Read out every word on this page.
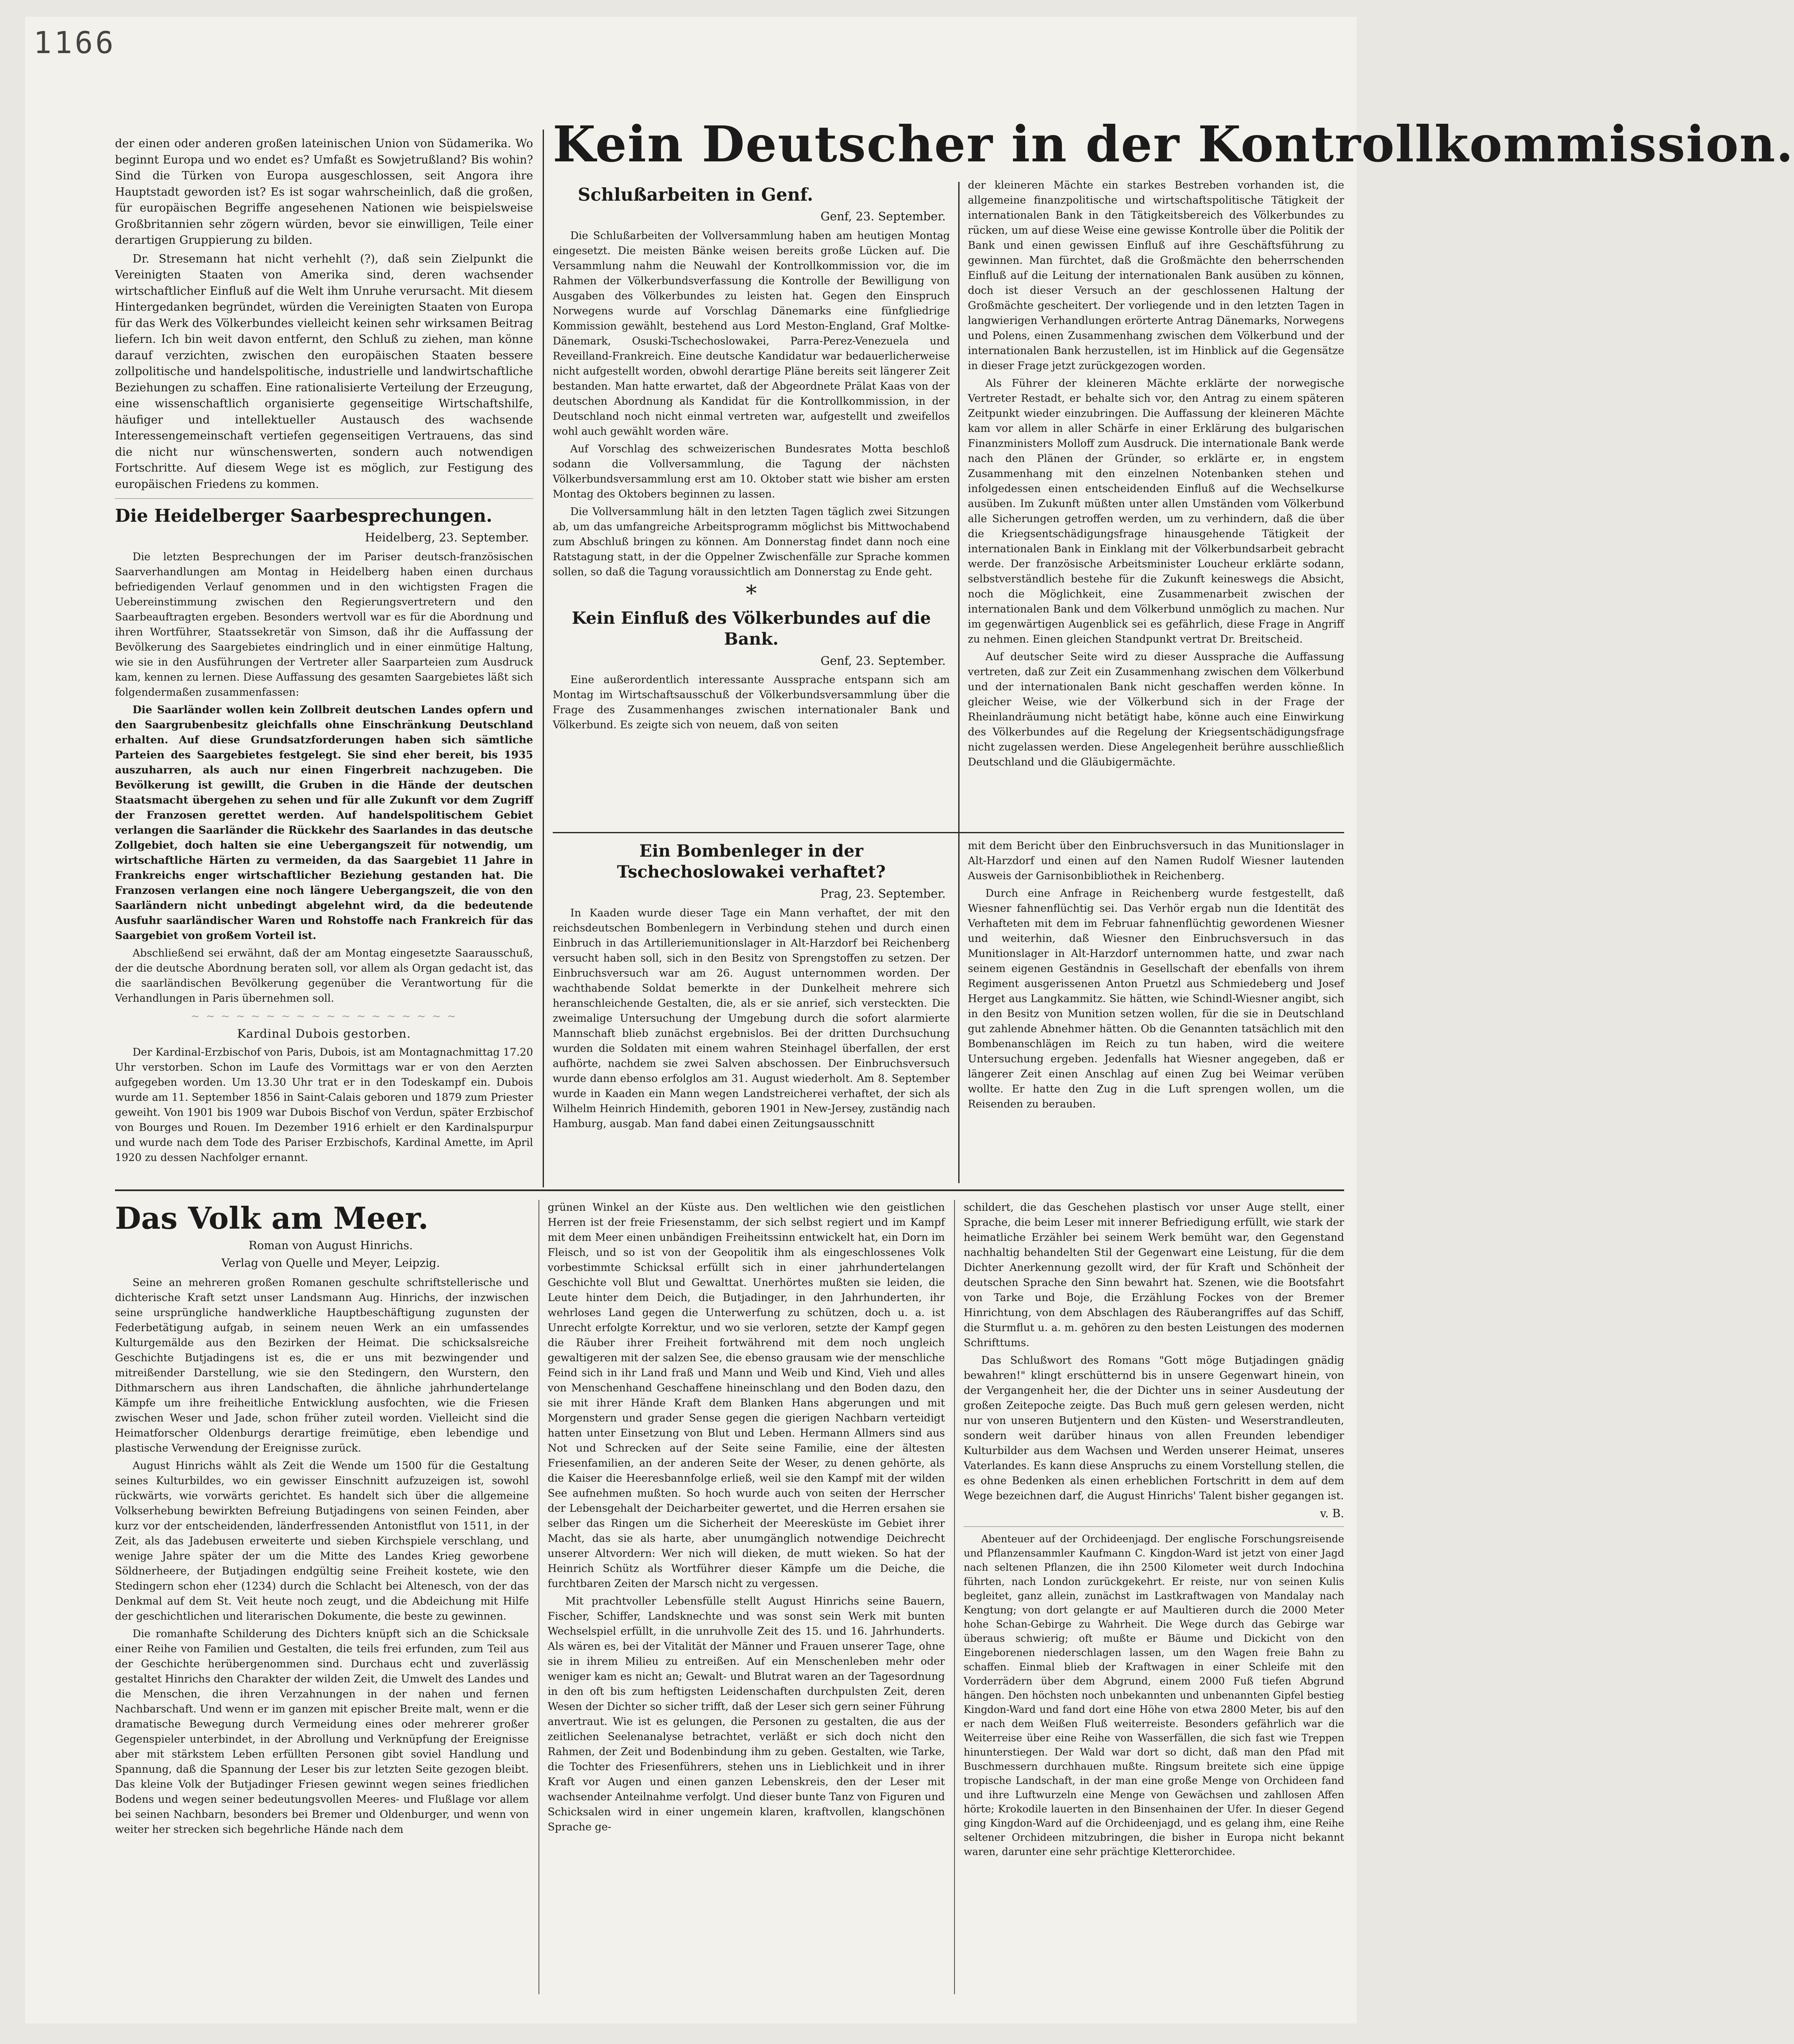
1166

der einen oder anderen großen lateinischen Union von Südamerika. Wo beginnt Europa und wo endet es? Umfaßt es Sowjetrußland? Bis wohin? Sind die Türken von Europa ausgeschlossen, seit Angora ihre Hauptstadt geworden ist? Es ist sogar wahrscheinlich, daß die großen, für europäischen Begriffe angesehenen Nationen wie beispielsweise Großbritannien sehr zögern würden, bevor sie einwilligen, Teile einer derartigen Gruppierung zu bilden.

Dr. Stresemann hat nicht verhehlt (?), daß sein Zielpunkt die Vereinigten Staaten von Amerika sind, deren wachsender wirtschaftlicher Einfluß auf die Welt ihm Unruhe verursacht. Mit diesem Hintergedanken begründet, würden die Vereinigten Staaten von Europa für das Werk des Völkerbundes vielleicht keinen sehr wirksamen Beitrag liefern. Ich bin weit davon entfernt, den Schluß zu ziehen, man könne darauf verzichten, zwischen den europäischen Staaten bessere zollpolitische und handelspolitische, industrielle und landwirtschaftliche Beziehungen zu schaffen. Eine rationalisierte Verteilung der Erzeugung, eine wissenschaftlich organisierte gegenseitige Wirtschaftshilfe, häufiger und intellektueller Austausch des wachsende Interessengemeinschaft vertiefen gegenseitigen Vertrauens, das sind die nicht nur wünschenswerten, sondern auch notwendigen Fortschritte. Auf diesem Wege ist es möglich, zur Festigung des europäischen Friedens zu kommen.

Die Heidelberger Saarbesprechungen.
Heidelberg, 23. September.

Die letzten Besprechungen der im Pariser deutsch-französischen Saarverhandlungen am Montag in Heidelberg haben einen durchaus befriedigenden Verlauf genommen und in den wichtigsten Fragen die Uebereinstimmung zwischen den Regierungsvertretern und den Saarbeauftragten ergeben. Besonders wertvoll war es für die Abordnung und ihren Wortführer, Staatssekretär von Simson, daß ihr die Auffassung der Bevölkerung des Saargebietes eindringlich und in einer einmütige Haltung, wie sie in den Ausführungen der Vertreter aller Saarparteien zum Ausdruck kam, kennen zu lernen. Diese Auffassung des gesamten Saargebietes läßt sich folgendermaßen zusammenfassen:

Die Saarländer wollen kein Zollbreit deutschen Landes opfern und den Saargrubenbesitz gleichfalls ohne Einschränkung Deutschland erhalten. Auf diese Grundsatzforderungen haben sich sämtliche Parteien des Saargebietes festgelegt. Sie sind eher bereit, bis 1935 auszuharren, als auch nur einen Fingerbreit nachzugeben. Die Bevölkerung ist gewillt, die Gruben in die Hände der deutschen Staatsmacht übergehen zu sehen und für alle Zukunft vor dem Zugriff der Franzosen gerettet werden. Auf handelspolitischem Gebiet verlangen die Saarländer die Rückkehr des Saarlandes in das deutsche Zollgebiet, doch halten sie eine Uebergangszeit für notwendig, um wirtschaftliche Härten zu vermeiden, da das Saargebiet 11 Jahre in Frankreichs enger wirtschaftlicher Beziehung gestanden hat. Die Franzosen verlangen eine noch längere Uebergangszeit, die von den Saarländern nicht unbedingt abgelehnt wird, da die bedeutende Ausfuhr saarländischer Waren und Rohstoffe nach Frankreich für das Saargebiet von großem Vorteil ist.

Abschließend sei erwähnt, daß der am Montag eingesetzte Saarausschuß, der die deutsche Abordnung beraten soll, vor allem als Organ gedacht ist, das die saarländischen Bevölkerung gegenüber die Verantwortung für die Verhandlungen in Paris übernehmen soll.

~ ~ ~ ~ ~ ~ ~ ~ ~ ~ ~ ~ ~ ~ ~ ~ ~ ~
Kardinal Dubois gestorben.

Der Kardinal-Erzbischof von Paris, Dubois, ist am Montagnachmittag 17.20 Uhr verstorben. Schon im Laufe des Vormittags war er von den Aerzten aufgegeben worden. Um 13.30 Uhr trat er in den Todeskampf ein. Dubois wurde am 11. September 1856 in Saint-Calais geboren und 1879 zum Priester geweiht. Von 1901 bis 1909 war Dubois Bischof von Verdun, später Erzbischof von Bourges und Rouen. Im Dezember 1916 erhielt er den Kardinalspurpur und wurde nach dem Tode des Pariser Erzbischofs, Kardinal Amette, im April 1920 zu dessen Nachfolger ernannt.

Kein Deutscher in der Kontrollkommission.
Schlußarbeiten in Genf.
Genf, 23. September.

Die Schlußarbeiten der Vollversammlung haben am heutigen Montag eingesetzt. Die meisten Bänke weisen bereits große Lücken auf. Die Versammlung nahm die Neuwahl der Kontrollkommission vor, die im Rahmen der Völkerbundsverfassung die Kontrolle der Bewilligung von Ausgaben des Völkerbundes zu leisten hat. Gegen den Einspruch Norwegens wurde auf Vorschlag Dänemarks eine fünfgliedrige Kommission gewählt, bestehend aus Lord Meston-England, Graf Moltke-Dänemark, Osuski-Tschechoslowakei, Parra-Perez-Venezuela und Reveilland-Frankreich. Eine deutsche Kandidatur war bedauerlicherweise nicht aufgestellt worden, obwohl derartige Pläne bereits seit längerer Zeit bestanden. Man hatte erwartet, daß der Abgeordnete Prälat Kaas von der deutschen Abordnung als Kandidat für die Kontrollkommission, in der Deutschland noch nicht einmal vertreten war, aufgestellt und zweifellos wohl auch gewählt worden wäre.

Auf Vorschlag des schweizerischen Bundesrates Motta beschloß sodann die Vollversammlung, die Tagung der nächsten Völkerbundsversammlung erst am 10. Oktober statt wie bisher am ersten Montag des Oktobers beginnen zu lassen.

Die Vollversammlung hält in den letzten Tagen täglich zwei Sitzungen ab, um das umfangreiche Arbeitsprogramm möglichst bis Mittwochabend zum Abschluß bringen zu können. Am Donnerstag findet dann noch eine Ratstagung statt, in der die Oppelner Zwischenfälle zur Sprache kommen sollen, so daß die Tagung voraussichtlich am Donnerstag zu Ende geht.

*
Kein Einfluß des Völkerbundes auf die Bank.
Genf, 23. September.

Eine außerordentlich interessante Aussprache entspann sich am Montag im Wirtschaftsausschuß der Völkerbundsversammlung über die Frage des Zusammenhanges zwischen internationaler Bank und Völkerbund. Es zeigte sich von neuem, daß von seiten

der kleineren Mächte ein starkes Bestreben vorhanden ist, die allgemeine finanzpolitische und wirtschaftspolitische Tätigkeit der internationalen Bank in den Tätigkeitsbereich des Völkerbundes zu rücken, um auf diese Weise eine gewisse Kontrolle über die Politik der Bank und einen gewissen Einfluß auf ihre Geschäftsführung zu gewinnen. Man fürchtet, daß die Großmächte den beherrschenden Einfluß auf die Leitung der internationalen Bank ausüben zu können, doch ist dieser Versuch an der geschlossenen Haltung der Großmächte gescheitert. Der vorliegende und in den letzten Tagen in langwierigen Verhandlungen erörterte Antrag Dänemarks, Norwegens und Polens, einen Zusammenhang zwischen dem Völkerbund und der internationalen Bank herzustellen, ist im Hinblick auf die Gegensätze in dieser Frage jetzt zurückgezogen worden.

Als Führer der kleineren Mächte erklärte der norwegische Vertreter Restadt, er behalte sich vor, den Antrag zu einem späteren Zeitpunkt wieder einzubringen. Die Auffassung der kleineren Mächte kam vor allem in aller Schärfe in einer Erklärung des bulgarischen Finanzministers Molloff zum Ausdruck. Die internationale Bank werde nach den Plänen der Gründer, so erklärte er, in engstem Zusammenhang mit den einzelnen Notenbanken stehen und infolgedessen einen entscheidenden Einfluß auf die Wechselkurse ausüben. Im Zukunft müßten unter allen Umständen vom Völkerbund alle Sicherungen getroffen werden, um zu verhindern, daß die über die Kriegsentschädigungsfrage hinausgehende Tätigkeit der internationalen Bank in Einklang mit der Völkerbundsarbeit gebracht werde. Der französische Arbeitsminister Loucheur erklärte sodann, selbstverständlich bestehe für die Zukunft keineswegs die Absicht, noch die Möglichkeit, eine Zusammenarbeit zwischen der internationalen Bank und dem Völkerbund unmöglich zu machen. Nur im gegenwärtigen Augenblick sei es gefährlich, diese Frage in Angriff zu nehmen. Einen gleichen Standpunkt vertrat Dr. Breitscheid.

Auf deutscher Seite wird zu dieser Aussprache die Auffassung vertreten, daß zur Zeit ein Zusammenhang zwischen dem Völkerbund und der internationalen Bank nicht geschaffen werden könne. In gleicher Weise, wie der Völkerbund sich in der Frage der Rheinlandräumung nicht betätigt habe, könne auch eine Einwirkung des Völkerbundes auf die Regelung der Kriegsentschädigungsfrage nicht zugelassen werden. Diese Angelegenheit berühre ausschließlich Deutschland und die Gläubigermächte.

Ein Bombenleger in der Tschechoslowakei verhaftet?
Prag, 23. September.

In Kaaden wurde dieser Tage ein Mann verhaftet, der mit den reichsdeutschen Bombenlegern in Verbindung stehen und durch einen Einbruch in das Artilleriemunitionslager in Alt-Harzdorf bei Reichenberg versucht haben soll, sich in den Besitz von Sprengstoffen zu setzen. Der Einbruchsversuch war am 26. August unternommen worden. Der wachthabende Soldat bemerkte in der Dunkelheit mehrere sich heranschleichende Gestalten, die, als er sie anrief, sich versteckten. Die zweimalige Untersuchung der Umgebung durch die sofort alarmierte Mannschaft blieb zunächst ergebnislos. Bei der dritten Durchsuchung wurden die Soldaten mit einem wahren Steinhagel überfallen, der erst aufhörte, nachdem sie zwei Salven abschossen. Der Einbruchsversuch wurde dann ebenso erfolglos am 31. August wiederholt. Am 8. September wurde in Kaaden ein Mann wegen Landstreicherei verhaftet, der sich als Wilhelm Heinrich Hindemith, geboren 1901 in New-Jersey, zuständig nach Hamburg, ausgab. Man fand dabei einen Zeitungsausschnitt

mit dem Bericht über den Einbruchsversuch in das Munitionslager in Alt-Harzdorf und einen auf den Namen Rudolf Wiesner lautenden Ausweis der Garnisonbibliothek in Reichenberg.

Durch eine Anfrage in Reichenberg wurde festgestellt, daß Wiesner fahnenflüchtig sei. Das Verhör ergab nun die Identität des Verhafteten mit dem im Februar fahnenflüchtig gewordenen Wiesner und weiterhin, daß Wiesner den Einbruchsversuch in das Munitionslager in Alt-Harzdorf unternommen hatte, und zwar nach seinem eigenen Geständnis in Gesellschaft der ebenfalls von ihrem Regiment ausgerissenen Anton Pruetzl aus Schmiedeberg und Josef Herget aus Langkammitz. Sie hätten, wie Schindl-Wiesner angibt, sich in den Besitz von Munition setzen wollen, für die sie in Deutschland gut zahlende Abnehmer hätten. Ob die Genannten tatsächlich mit den Bombenanschlägen im Reich zu tun haben, wird die weitere Untersuchung ergeben. Jedenfalls hat Wiesner angegeben, daß er längerer Zeit einen Anschlag auf einen Zug bei Weimar verüben wollte. Er hatte den Zug in die Luft sprengen wollen, um die Reisenden zu berauben.

Das Volk am Meer.

Roman von August Hinrichs.

Verlag von Quelle und Meyer, Leipzig.

Seine an mehreren großen Romanen geschulte schriftstellerische und dichterische Kraft setzt unser Landsmann Aug. Hinrichs, der inzwischen seine ursprüngliche handwerkliche Hauptbeschäftigung zugunsten der Federbetätigung aufgab, in seinem neuen Werk an ein umfassendes Kulturgemälde aus den Bezirken der Heimat. Die schicksalsreiche Geschichte Butjadingens ist es, die er uns mit bezwingender und mitreißender Darstellung, wie sie den Stedingern, den Wurstern, den Dithmarschern aus ihren Landschaften, die ähnliche jahrhundertelange Kämpfe um ihre freiheitliche Entwicklung ausfochten, wie die Friesen zwischen Weser und Jade, schon früher zuteil worden. Vielleicht sind die Heimatforscher Oldenburgs derartige freimütige, eben lebendige und plastische Verwendung der Ereignisse zurück.

August Hinrichs wählt als Zeit die Wende um 1500 für die Gestaltung seines Kulturbildes, wo ein gewisser Einschnitt aufzuzeigen ist, sowohl rückwärts, wie vorwärts gerichtet. Es handelt sich über die allgemeine Volkserhebung bewirkten Befreiung Butjadingens von seinen Feinden, aber kurz vor der entscheidenden, länderfressenden Antonistflut von 1511, in der Zeit, als das Jadebusen erweiterte und sieben Kirchspiele verschlang, und wenige Jahre später der um die Mitte des Landes Krieg geworbene Söldnerheere, der Butjadingen endgültig seine Freiheit kostete, wie den Stedingern schon eher (1234) durch die Schlacht bei Altenesch, von der das Denkmal auf dem St. Veit heute noch zeugt, und die Abdeichung mit Hilfe der geschichtlichen und literarischen Dokumente, die beste zu gewinnen.

Die romanhafte Schilderung des Dichters knüpft sich an die Schicksale einer Reihe von Familien und Gestalten, die teils frei erfunden, zum Teil aus der Geschichte herübergenommen sind. Durchaus echt und zuverlässig gestaltet Hinrichs den Charakter der wilden Zeit, die Umwelt des Landes und die Menschen, die ihren Verzahnungen in der nahen und fernen Nachbarschaft. Und wenn er im ganzen mit epischer Breite malt, wenn er die dramatische Bewegung durch Vermeidung eines oder mehrerer großer Gegenspieler unterbindet, in der Abrollung und Verknüpfung der Ereignisse aber mit stärkstem Leben erfüllten Personen gibt soviel Handlung und Spannung, daß die Spannung der Leser bis zur letzten Seite gezogen bleibt. Das kleine Volk der Butjadinger Friesen gewinnt wegen seines friedlichen Bodens und wegen seiner bedeutungsvollen Meeres- und Flußlage vor allem bei seinen Nachbarn, besonders bei Bremer und Oldenburger, und wenn von weiter her strecken sich begehrliche Hände nach dem

grünen Winkel an der Küste aus. Den weltlichen wie den geistlichen Herren ist der freie Friesenstamm, der sich selbst regiert und im Kampf mit dem Meer einen unbändigen Freiheitssinn entwickelt hat, ein Dorn im Fleisch, und so ist von der Geopolitik ihm als eingeschlossenes Volk vorbestimmte Schicksal erfüllt sich in einer jahrhundertelangen Geschichte voll Blut und Gewalttat. Unerhörtes mußten sie leiden, die Leute hinter dem Deich, die Butjadinger, in den Jahrhunderten, ihr wehrloses Land gegen die Unterwerfung zu schützen, doch u. a. ist Unrecht erfolgte Korrektur, und wo sie verloren, setzte der Kampf gegen die Räuber ihrer Freiheit fortwährend mit dem noch ungleich gewaltigeren mit der salzen See, die ebenso grausam wie der menschliche Feind sich in ihr Land fraß und Mann und Weib und Kind, Vieh und alles von Menschenhand Geschaffene hineinschlang und den Boden dazu, den sie mit ihrer Hände Kraft dem Blanken Hans abgerungen und mit Morgenstern und grader Sense gegen die gierigen Nachbarn verteidigt hatten unter Einsetzung von Blut und Leben. Hermann Allmers sind aus Not und Schrecken auf der Seite seine Familie, eine der ältesten Friesenfamilien, an der anderen Seite der Weser, zu denen gehörte, als die Kaiser die Heeresbannfolge erließ, weil sie den Kampf mit der wilden See aufnehmen mußten. So hoch wurde auch von seiten der Herrscher der Lebensgehalt der Deicharbeiter gewertet, und die Herren ersahen sie selber das Ringen um die Sicherheit der Meeresküste im Gebiet ihrer Macht, das sie als harte, aber unumgänglich notwendige Deichrecht unserer Altvordern: Wer nich will dieken, de mutt wieken. So hat der Heinrich Schütz als Wortführer dieser Kämpfe um die Deiche, die furchtbaren Zeiten der Marsch nicht zu vergessen.

Mit prachtvoller Lebensfülle stellt August Hinrichs seine Bauern, Fischer, Schiffer, Landsknechte und was sonst sein Werk mit bunten Wechselspiel erfüllt, in die unruhvolle Zeit des 15. und 16. Jahrhunderts. Als wären es, bei der Vitalität der Männer und Frauen unserer Tage, ohne sie in ihrem Milieu zu entreißen. Auf ein Menschenleben mehr oder weniger kam es nicht an; Gewalt- und Blutrat waren an der Tagesordnung in den oft bis zum heftigsten Leidenschaften durchpulsten Zeit, deren Wesen der Dichter so sicher trifft, daß der Leser sich gern seiner Führung anvertraut. Wie ist es gelungen, die Personen zu gestalten, die aus der zeitlichen Seelenanalyse betrachtet, verläßt er sich doch nicht den Rahmen, der Zeit und Bodenbindung ihm zu geben. Gestalten, wie Tarke, die Tochter des Friesenführers, stehen uns in Lieblichkeit und in ihrer Kraft vor Augen und einen ganzen Lebenskreis, den der Leser mit wachsender Anteilnahme verfolgt. Und dieser bunte Tanz von Figuren und Schicksalen wird in einer ungemein klaren, kraftvollen, klangschönen Sprache ge-

schildert, die das Geschehen plastisch vor unser Auge stellt, einer Sprache, die beim Leser mit innerer Befriedigung erfüllt, wie stark der heimatliche Erzähler bei seinem Werk bemüht war, den Gegenstand nachhaltig behandelten Stil der Gegenwart eine Leistung, für die dem Dichter Anerkennung gezollt wird, der für Kraft und Schönheit der deutschen Sprache den Sinn bewahrt hat. Szenen, wie die Bootsfahrt von Tarke und Boje, die Erzählung Fockes von der Bremer Hinrichtung, von dem Abschlagen des Räuberangriffes auf das Schiff, die Sturmflut u. a. m. gehören zu den besten Leistungen des modernen Schrifttums.

Das Schlußwort des Romans "Gott möge Butjadingen gnädig bewahren!" klingt erschütternd bis in unsere Gegenwart hinein, von der Vergangenheit her, die der Dichter uns in seiner Ausdeutung der großen Zeitepoche zeigte. Das Buch muß gern gelesen werden, nicht nur von unseren Butjentern und den Küsten- und Weserstrandleuten, sondern weit darüber hinaus von allen Freunden lebendiger Kulturbilder aus dem Wachsen und Werden unserer Heimat, unseres Vaterlandes. Es kann diese Anspruchs zu einem Vorstellung stellen, die es ohne Bedenken als einen erheblichen Fortschritt in dem auf dem Wege bezeichnen darf, die August Hinrichs' Talent bisher gegangen ist.

v. B.

Abenteuer auf der Orchideenjagd. Der englische Forschungsreisende und Pflanzensammler Kaufmann C. Kingdon-Ward ist jetzt von einer Jagd nach seltenen Pflanzen, die ihn 2500 Kilometer weit durch Indochina führten, nach London zurückgekehrt. Er reiste, nur von seinen Kulis begleitet, ganz allein, zunächst im Lastkraftwagen von Mandalay nach Kengtung; von dort gelangte er auf Maultieren durch die 2000 Meter hohe Schan-Gebirge zu Wahrheit. Die Wege durch das Gebirge war überaus schwierig; oft mußte er Bäume und Dickicht von den Eingeborenen niederschlagen lassen, um den Wagen freie Bahn zu schaffen. Einmal blieb der Kraftwagen in einer Schleife mit den Vorderrädern über dem Abgrund, einem 2000 Fuß tiefen Abgrund hängen. Den höchsten noch unbekannten und unbenannten Gipfel bestieg Kingdon-Ward und fand dort eine Höhe von etwa 2800 Meter, bis auf den er nach dem Weißen Fluß weiterreiste. Besonders gefährlich war die Weiterreise über eine Reihe von Wasserfällen, die sich fast wie Treppen hinunterstiegen. Der Wald war dort so dicht, daß man den Pfad mit Buschmessern durchhauen mußte. Ringsum breitete sich eine üppige tropische Landschaft, in der man eine große Menge von Orchideen fand und ihre Luftwurzeln eine Menge von Gewächsen und zahllosen Affen hörte; Krokodile lauerten in den Binsenhainen der Ufer. In dieser Gegend ging Kingdon-Ward auf die Orchideenjagd, und es gelang ihm, eine Reihe seltener Orchideen mitzubringen, die bisher in Europa nicht bekannt waren, darunter eine sehr prächtige Kletterorchidee.
